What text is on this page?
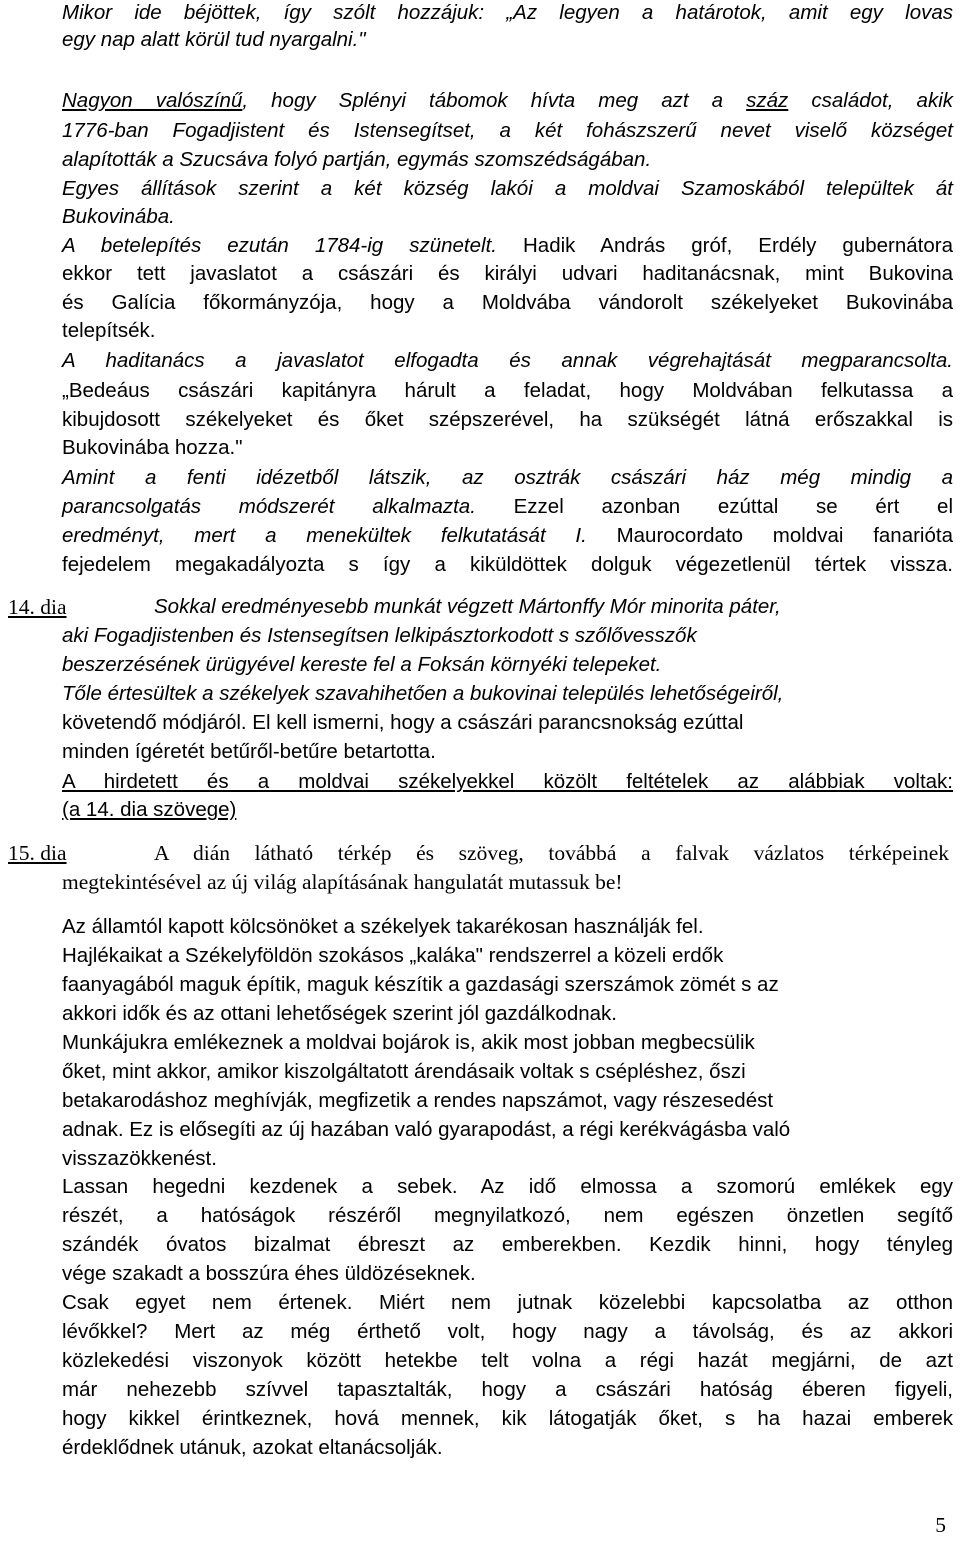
Mikor ide béjöttek, így szólt hozzájuk: „Az legyen a határotok, amit egy lovas
egy nap alatt körül tud nyargalni."
Nagyon valószínű, hogy Splényi tábomok hívta meg azt a száz családot, akik
1776-ban Fogadjistent és Istensegítset, a két fohászszerű nevet viselő községet
alapították a Szucsáva folyó partján, egymás szomszédságában.
Egyes állítások szerint a két község lakói a moldvai Szamoskából települtek át
Bukovinába.
A betelepítés ezután 1784-ig szünetelt. Hadik András gróf, Erdély gubernátora
ekkor tett javaslatot a császári és királyi udvari haditanácsnak, mint Bukovina
és Galícia főkormányzója, hogy a Moldvába vándorolt székelyeket Bukovinába
telepítsék.
A haditanács a javaslatot elfogadta és annak végrehajtását megparancsolta.
„Bedeáus császári kapitányra hárult a feladat, hogy Moldvában felkutassa a
kibujdosott székelyeket és őket szépszerével, ha szükségét látná erőszakkal is
Bukovinába hozza."
Amint a fenti idézetből látszik, az osztrák császári ház még mindig a
parancsolgatás módszerét alkalmazta. Ezzel azonban ezúttal se ért el
eredményt, mert a menekültek felkutatását I. Maurocordato moldvai fanarióta
fejedelem megakadályozta s így a kiküldöttek dolguk végezetlenül tértek vissza.
14. dia	Sokkal eredményesebb munkát végzett Mártonffy Mór minorita páter,
aki Fogadjistenben és Istensegítsen lelkipásztorkodott s szőlővesszők
beszerzésének ürügyével kereste fel a Foksán környéki telepeket.
Tőle értesültek a székelyek szavahihetően a bukovinai település lehetőségeiről,
követendő módjáról. El kell ismerni, hogy a császári parancsnokság ezúttal
minden ígéretét betűről-betűre betartotta.
A hirdetett és a moldvai székelyekkel közölt feltételek az alábbiak voltak:
(a 14. dia szövege)
15. dia	A dián látható térkép és szöveg, továbbá a falvak vázlatos térképeinek
megtekintésével az új világ alapításának hangulatát mutassuk be!
Az államtól kapott kölcsönöket a székelyek takarékosan használják fel.
Hajlékaikat a Székelyföldön szokásos „kaláka" rendszerrel a közeli erdők
faanyagából maguk építik, maguk készítik a gazdasági szerszámok zömét s az
akkori idők és az ottani lehetőségek szerint jól gazdálkodnak.
Munkájukra emlékeznek a moldvai bojárok is, akik most jobban megbecsülik
őket, mint akkor, amikor kiszolgáltatott árendásaik voltak s csépléshez, őszi
betakarodáshoz meghívják, megfizetik a rendes napszámot, vagy részesedést
adnak. Ez is elősegíti az új hazában való gyarapodást, a régi kerékvágásba való
visszazökkenést.
Lassan hegedni kezdenek a sebek. Az idő elmossa a szomorú emlékek egy
részét, a hatóságok részéről megnyilatkozó, nem egészen önzetlen segítő
szándék óvatos bizalmat ébreszt az emberekben. Kezdik hinni, hogy tényleg
vége szakadt a bosszúra éhes üldözéseknek.
Csak egyet nem értenek. Miért nem jutnak közelebbi kapcsolatba az otthon
lévőkkel? Mert az még érthető volt, hogy nagy a távolság, és az akkori
közlekedési viszonyok között hetekbe telt volna a régi hazát megjárni, de azt
már nehezebb szívvel tapasztalták, hogy a császári hatóság éberen figyeli,
hogy kikkel érintkeznek, hová mennek, kik látogatják őket, s ha hazai emberek
érdeklődnek utánuk, azokat eltanácsolják.
5
